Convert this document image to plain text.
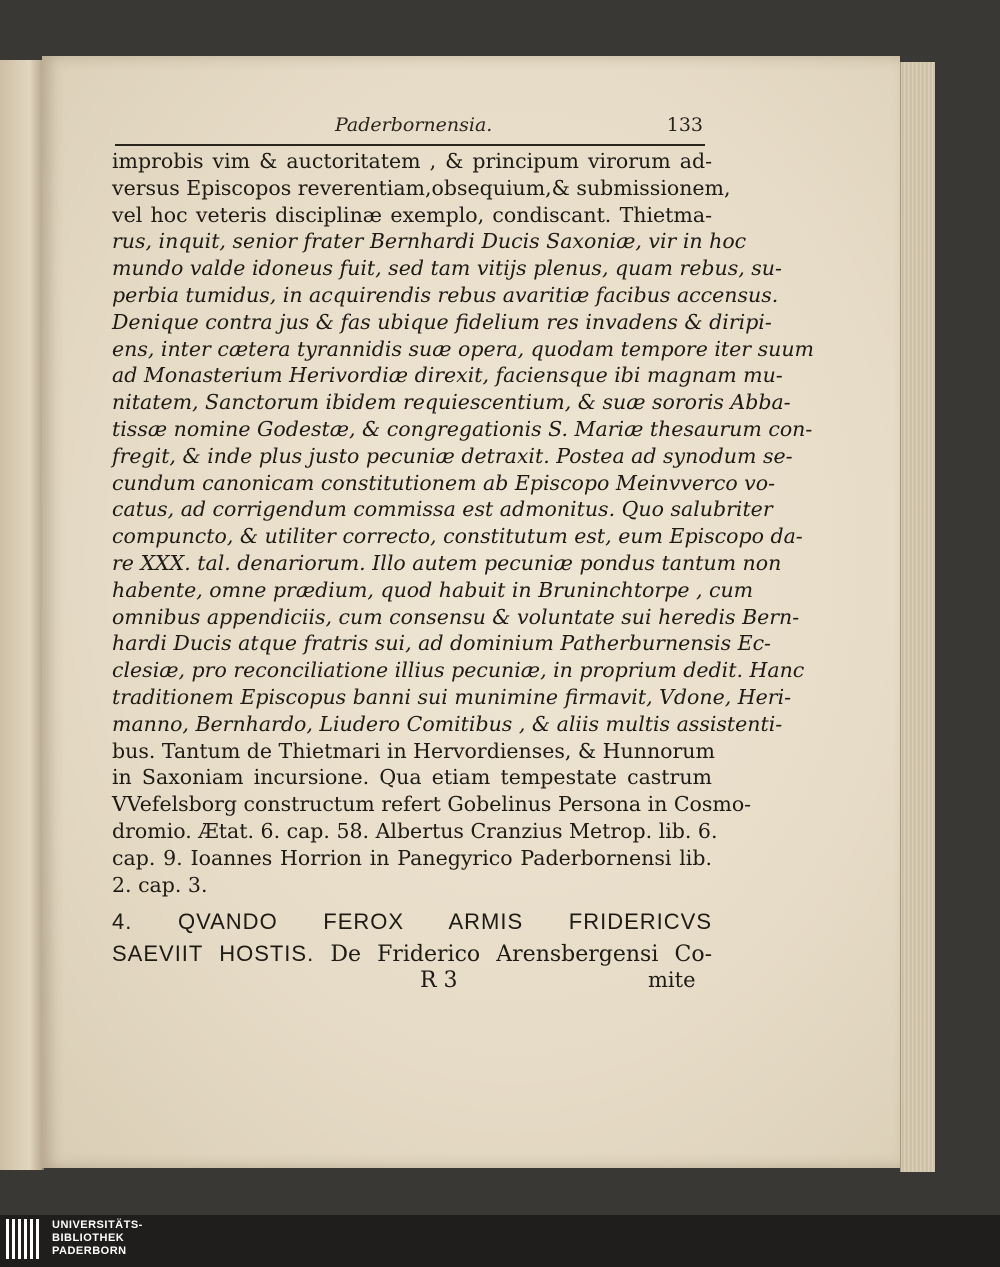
Paderbornensia.	133
improbis vim & auctoritatem , & principum virorum ad-
versus Episcopos reverentiam,obsequium,& submissionem,
vel hoc veteris disciplinæ exemplo, condiscant. Thietma-
rus, inquit, senior frater Bernhardi Ducis Saxoniæ, vir in hoc
mundo valde idoneus fuit, sed tam vitijs plenus, quam rebus, su-
perbia tumidus, in acquirendis rebus avaritiæ facibus accensus.
Denique contra jus & fas ubique fidelium res invadens & diripi-
ens, inter cætera tyrannidis suæ opera, quodam tempore iter suum
ad Monasterium Herivordiæ direxit, faciensque ibi magnam mu-
nitatem, Sanctorum ibidem requiescentium, & suæ sororis Abba-
tissæ nomine Godestæ, & congregationis S. Mariæ thesaurum con-
fregit, & inde plus justo pecuniæ detraxit. Postea ad synodum se-
cundum canonicam constitutionem ab Episcopo Meinvverco vo-
catus, ad corrigendum commissa est admonitus. Quo salubriter
compuncto, & utiliter correcto, constitutum est, eum Episcopo da-
re XXX. tal. denariorum. Illo autem pecuniæ pondus tantum non
habente, omne prædium, quod habuit in Bruninchtorpe , cum
omnibus appendiciis, cum consensu & voluntate sui heredis Bern-
hardi Ducis atque fratris sui, ad dominium Patherburnensis Ec-
clesiæ, pro reconciliatione illius pecuniæ, in proprium dedit. Hanc
traditionem Episcopus banni sui munimine firmavit, Vdone, Heri-
manno, Bernhardo, Liudero Comitibus , & aliis multis assistenti-
bus. Tantum de Thietmari in Hervordienses, & Hunnorum
in Saxoniam incursione. Qua etiam tempestate castrum
VVefelsborg constructum refert Gobelinus Persona in Cosmo-
dromio. Ætat. 6. cap. 58. Albertus Cranzius Metrop. lib. 6.
cap. 9. Ioannes Horrion in Panegyrico Paderbornensi lib.
2. cap. 3.
4. QVANDO FEROX ARMIS FRIDERICVS
SAEVIIT HOSTIS. De Friderico Arensbergensi Co-
R 3	mite
UNIVERSITÄTS-
BIBLIOTHEK
PADERBORN
